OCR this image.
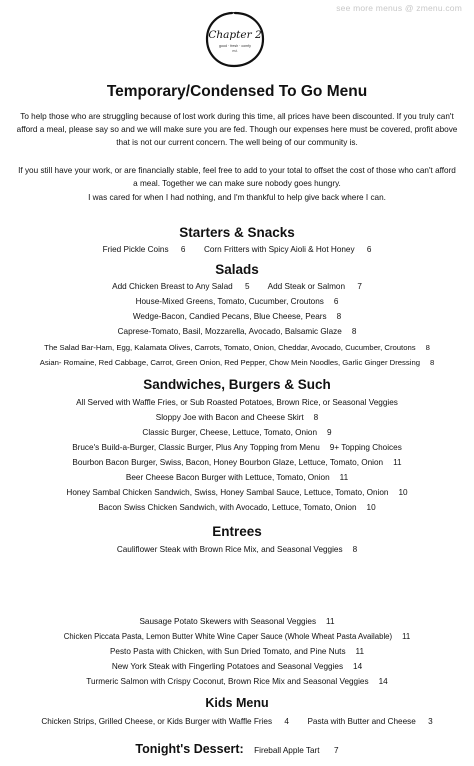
see more menus @ zmenu.com
Chapter 2
good · fresh · comfy
est.
Temporary/Condensed To Go Menu
To help those who are struggling because of lost work during this time, all prices have been discounted. If you truly can't afford a meal, please say so and we will make sure you are fed. Though our expenses here must be covered, profit above that is not our current concern. The well being of our community is.
If you still have your work, or are financially stable, feel free to add to your total to offset the cost of those who can't afford a meal. Together we can make sure nobody goes hungry.
I was cared for when I had nothing, and I'm thankful to help give back where I can.
Starters & Snacks
Fried Pickle Coins 6 Corn Fritters with Spicy Aioli & Hot Honey 6
Salads
Add Chicken Breast to Any Salad 5 Add Steak or Salmon 7
House-Mixed Greens, Tomato, Cucumber, Croutons 6
Wedge-Bacon, Candied Pecans, Blue Cheese, Pears 8
Caprese-Tomato, Basil, Mozzarella, Avocado, Balsamic Glaze 8
The Salad Bar-Ham, Egg, Kalamata Olives, Carrots, Tomato, Onion, Cheddar, Avocado, Cucumber, Croutons 8
Asian- Romaine, Red Cabbage, Carrot, Green Onion, Red Pepper, Chow Mein Noodles, Garlic Ginger Dressing 8
Sandwiches, Burgers & Such
All Served with Waffle Fries, or Sub Roasted Potatoes, Brown Rice, or Seasonal Veggies
Sloppy Joe with Bacon and Cheese Skirt 8
Classic Burger, Cheese, Lettuce, Tomato, Onion 9
Bruce's Build-a-Burger, Classic Burger, Plus Any Topping from Menu 9+ Topping Choices
Bourbon Bacon Burger, Swiss, Bacon, Honey Bourbon Glaze, Lettuce, Tomato, Onion 11
Beer Cheese Bacon Burger with Lettuce, Tomato, Onion 11
Honey Sambal Chicken Sandwich, Swiss, Honey Sambal Sauce, Lettuce, Tomato, Onion 10
Bacon Swiss Chicken Sandwich, with Avocado, Lettuce, Tomato, Onion 10
Entrees
Cauliflower Steak with Brown Rice Mix, and Seasonal Veggies 8
Sausage Potato Skewers with Seasonal Veggies 11
Chicken Piccata Pasta, Lemon Butter White Wine Caper Sauce (Whole Wheat Pasta Available) 11
Pesto Pasta with Chicken, with Sun Dried Tomato, and Pine Nuts 11
New York Steak with Fingerling Potatoes and Seasonal Veggies 14
Turmeric Salmon with Crispy Coconut, Brown Rice Mix and Seasonal Veggies 14
Kids Menu
Chicken Strips, Grilled Cheese, or Kids Burger with Waffle Fries 4 Pasta with Butter and Cheese 3
Tonight's Dessert: Fireball Apple Tart 7
